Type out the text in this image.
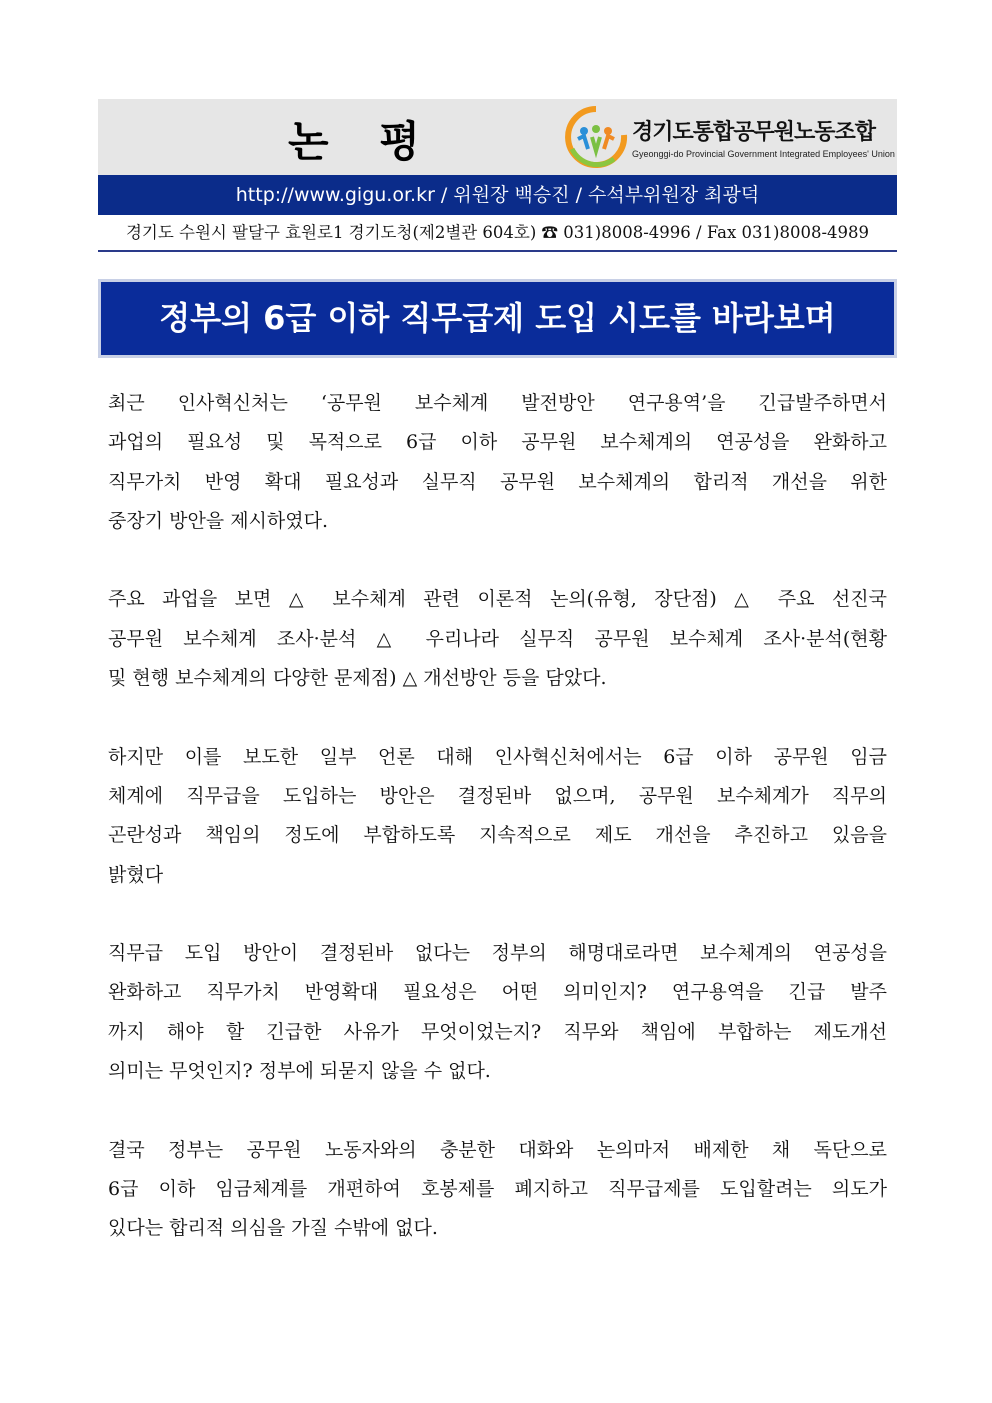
논 평	경기도통합공무원노동조합
Gyeonggi-do Provincial Government Integrated Employees' Union
http://www.gigu.or.kr / 위원장 백승진 / 수석부위원장 최광덕
경기도 수원시 팔달구 효원로1 경기도청(제2별관 604호) ☎ 031)8008-4996 / Fax 031)8008-4989
정부의 6급 이하 직무급제 도입 시도를 바라보며
최근 인사혁신처는 ‘공무원 보수체계 발전방안 연구용역’을 긴급발주하면서
과업의 필요성 및 목적으로 6급 이하 공무원 보수체계의 연공성을 완화하고
직무가치 반영 확대 필요성과 실무직 공무원 보수체계의 합리적 개선을 위한
중장기 방안을 제시하였다.
주요 과업을 보면 △ 보수체계 관련 이론적 논의(유형, 장단점) △ 주요 선진국
공무원 보수체계 조사·분석 △ 우리나라 실무직 공무원 보수체계 조사·분석(현황
및 현행 보수체계의 다양한 문제점) △ 개선방안 등을 담았다.
하지만 이를 보도한 일부 언론 대해 인사혁신처에서는 6급 이하 공무원 임금
체계에 직무급을 도입하는 방안은 결정된바 없으며, 공무원 보수체계가 직무의
곤란성과 책임의 정도에 부합하도록 지속적으로 제도 개선을 추진하고 있음을
밝혔다
직무급 도입 방안이 결정된바 없다는 정부의 해명대로라면 보수체계의 연공성을
완화하고 직무가치 반영확대 필요성은 어떤 의미인지? 연구용역을 긴급 발주
까지 해야 할 긴급한 사유가 무엇이었는지? 직무와 책임에 부합하는 제도개선
의미는 무엇인지? 정부에 되묻지 않을 수 없다.
결국 정부는 공무원 노동자와의 충분한 대화와 논의마저 배제한 채 독단으로
6급 이하 임금체계를 개편하여 호봉제를 폐지하고 직무급제를 도입할려는 의도가
있다는 합리적 의심을 가질 수밖에 없다.
